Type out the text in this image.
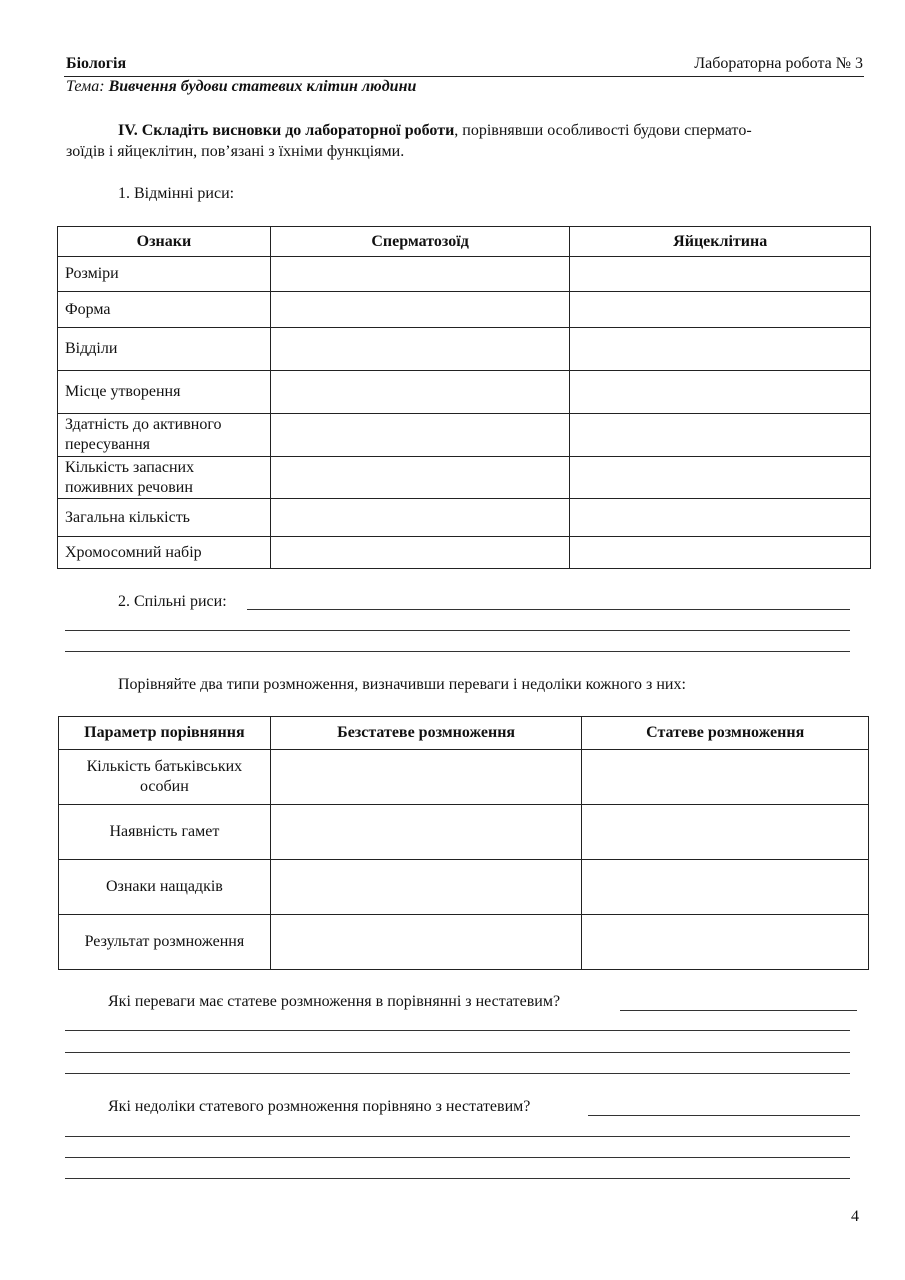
Біологія	Лабораторна робота № 3
Тема: Вивчення будови статевих клітин людини
IV. Складіть висновки до лабораторної роботи, порівнявши особливості будови сперматo-
зоїдів і яйцеклітин, пов’язані з їхніми функціями.
1. Відмінні риси:
Ознаки	Сперматозоїд	Яйцеклітина
Розміри		
Форма		
Відділи		
Місце утворення		
Здатність до активного пересування		
Кількість запасних поживних речовин		
Загальна кількість		
Хромосомний набір		
2. Спільні риси:
Порівняйте два типи розмноження, визначивши переваги і недоліки кожного з них:
Параметр порівняння	Безстатеве розмноження	Статеве розмноження
Кількість батьківських особин		
Наявність гамет		
Ознаки нащадків		
Результат розмноження		
Які переваги має статеве розмноження в порівнянні з нестатевим?
Які недоліки статевого розмноження порівняно з нестатевим?
4
